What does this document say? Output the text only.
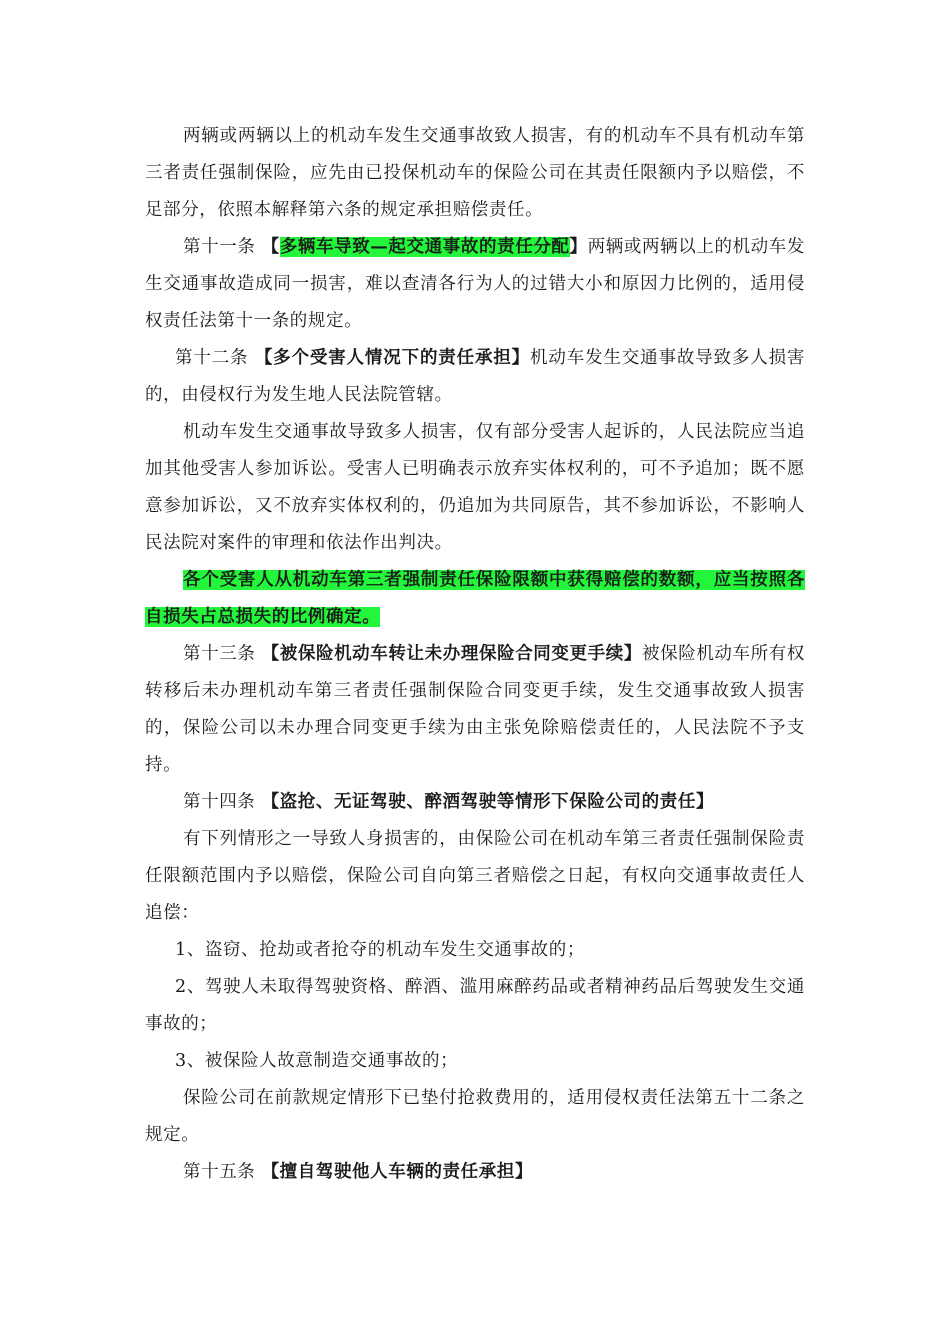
两辆或两辆以上的机动车发生交通事故致人损害，有的机动车不具有机动车第三者责任强制保险，应先由已投保机动车的保险公司在其责任限额内予以赔偿，不足部分，依照本解释第六条的规定承担赔偿责任。

第十一条 【多辆车导致—起交通事故的责任分配】两辆或两辆以上的机动车发生交通事故造成同一损害，难以查清各行为人的过错大小和原因力比例的，适用侵权责任法第十一条的规定。

第十二条 【多个受害人情况下的责任承担】机动车发生交通事故导致多人损害的，由侵权行为发生地人民法院管辖。

机动车发生交通事故导致多人损害，仅有部分受害人起诉的，人民法院应当追加其他受害人参加诉讼。受害人已明确表示放弃实体权利的，可不予追加；既不愿意参加诉讼，又不放弃实体权利的，仍追加为共同原告，其不参加诉讼，不影响人民法院对案件的审理和依法作出判决。

各个受害人从机动车第三者强制责任保险限额中获得赔偿的数额，应当按照各自损失占总损失的比例确定。

第十三条 【被保险机动车转让未办理保险合同变更手续】被保险机动车所有权转移后未办理机动车第三者责任强制保险合同变更手续，发生交通事故致人损害的，保险公司以未办理合同变更手续为由主张免除赔偿责任的，人民法院不予支持。

第十四条 【盗抢、无证驾驶、醉酒驾驶等情形下保险公司的责任】

有下列情形之一导致人身损害的，由保险公司在机动车第三者责任强制保险责任限额范围内予以赔偿，保险公司自向第三者赔偿之日起，有权向交通事故责任人追偿：

1、盗窃、抢劫或者抢夺的机动车发生交通事故的；

2、驾驶人未取得驾驶资格、醉酒、滥用麻醉药品或者精神药品后驾驶发生交通事故的；

3、被保险人故意制造交通事故的；

保险公司在前款规定情形下已垫付抢救费用的，适用侵权责任法第五十二条之规定。

第十五条 【擅自驾驶他人车辆的责任承担】
